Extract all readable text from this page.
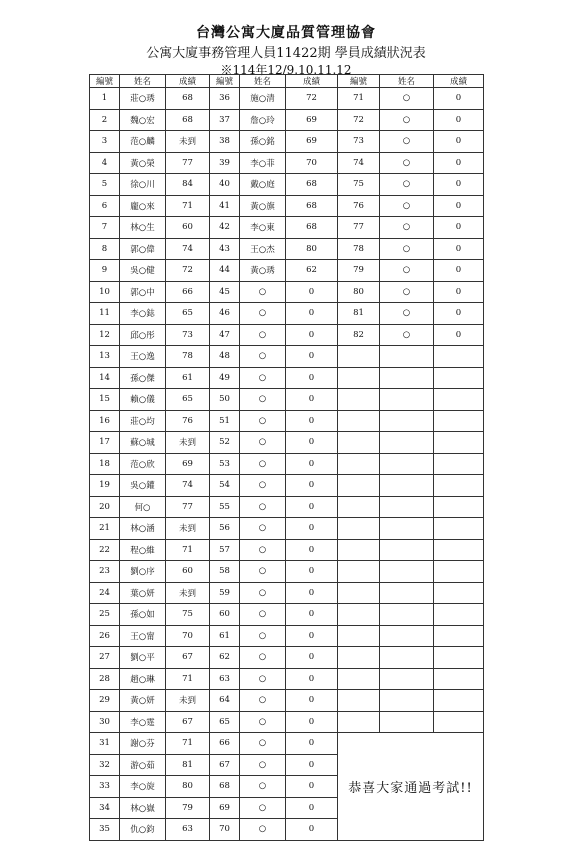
台灣公寓大廈品質管理協會
公寓大廈事務管理人員11422期 學員成績狀況表
※114年12/9.10.11.12
編號	姓名	成績	編號	姓名	成績	編號	姓名	成績
1	莊○琇	68	36	施○清	72	71	○	0
2	魏○宏	68	37	詹○玲	69	72	○	0
3	范○麟	未到	38	孫○銘	69	73	○	0
4	黃○榮	77	39	李○菲	70	74	○	0
5	徐○川	84	40	戴○庭	68	75	○	0
6	龐○來	71	41	黃○旗	68	76	○	0
7	林○生	60	42	李○東	68	77	○	0
8	郭○偉	74	43	王○杰	80	78	○	0
9	吳○健	72	44	黃○琇	62	79	○	0
10	郭○中	66	45	○	0	80	○	0
11	李○鋕	65	46	○	0	81	○	0
12	邱○彤	73	47	○	0	82	○	0
13	王○逸	78	48	○	0			
14	孫○傑	61	49	○	0			
15	賴○儀	65	50	○	0			
16	莊○均	76	51	○	0			
17	蘇○城	未到	52	○	0			
18	范○欣	69	53	○	0			
19	吳○鑵	74	54	○	0			
20	何○	77	55	○	0			
21	林○涵	未到	56	○	0			
22	程○維	71	57	○	0			
23	劉○序	60	58	○	0			
24	葉○妍	未到	59	○	0			
25	孫○如	75	60	○	0			
26	王○甯	70	61	○	0			
27	劉○平	67	62	○	0			
28	趙○琳	71	63	○	0			
29	黃○妍	未到	64	○	0			
30	李○霆	67	65	○	0			
31	謝○芬	71	66	○	0	恭喜大家通過考試!!		
32	游○茹	81	67	○	0			
33	李○旋	80	68	○	0			
34	林○嶽	79	69	○	0			
35	仇○鈞	63	70	○	0			
